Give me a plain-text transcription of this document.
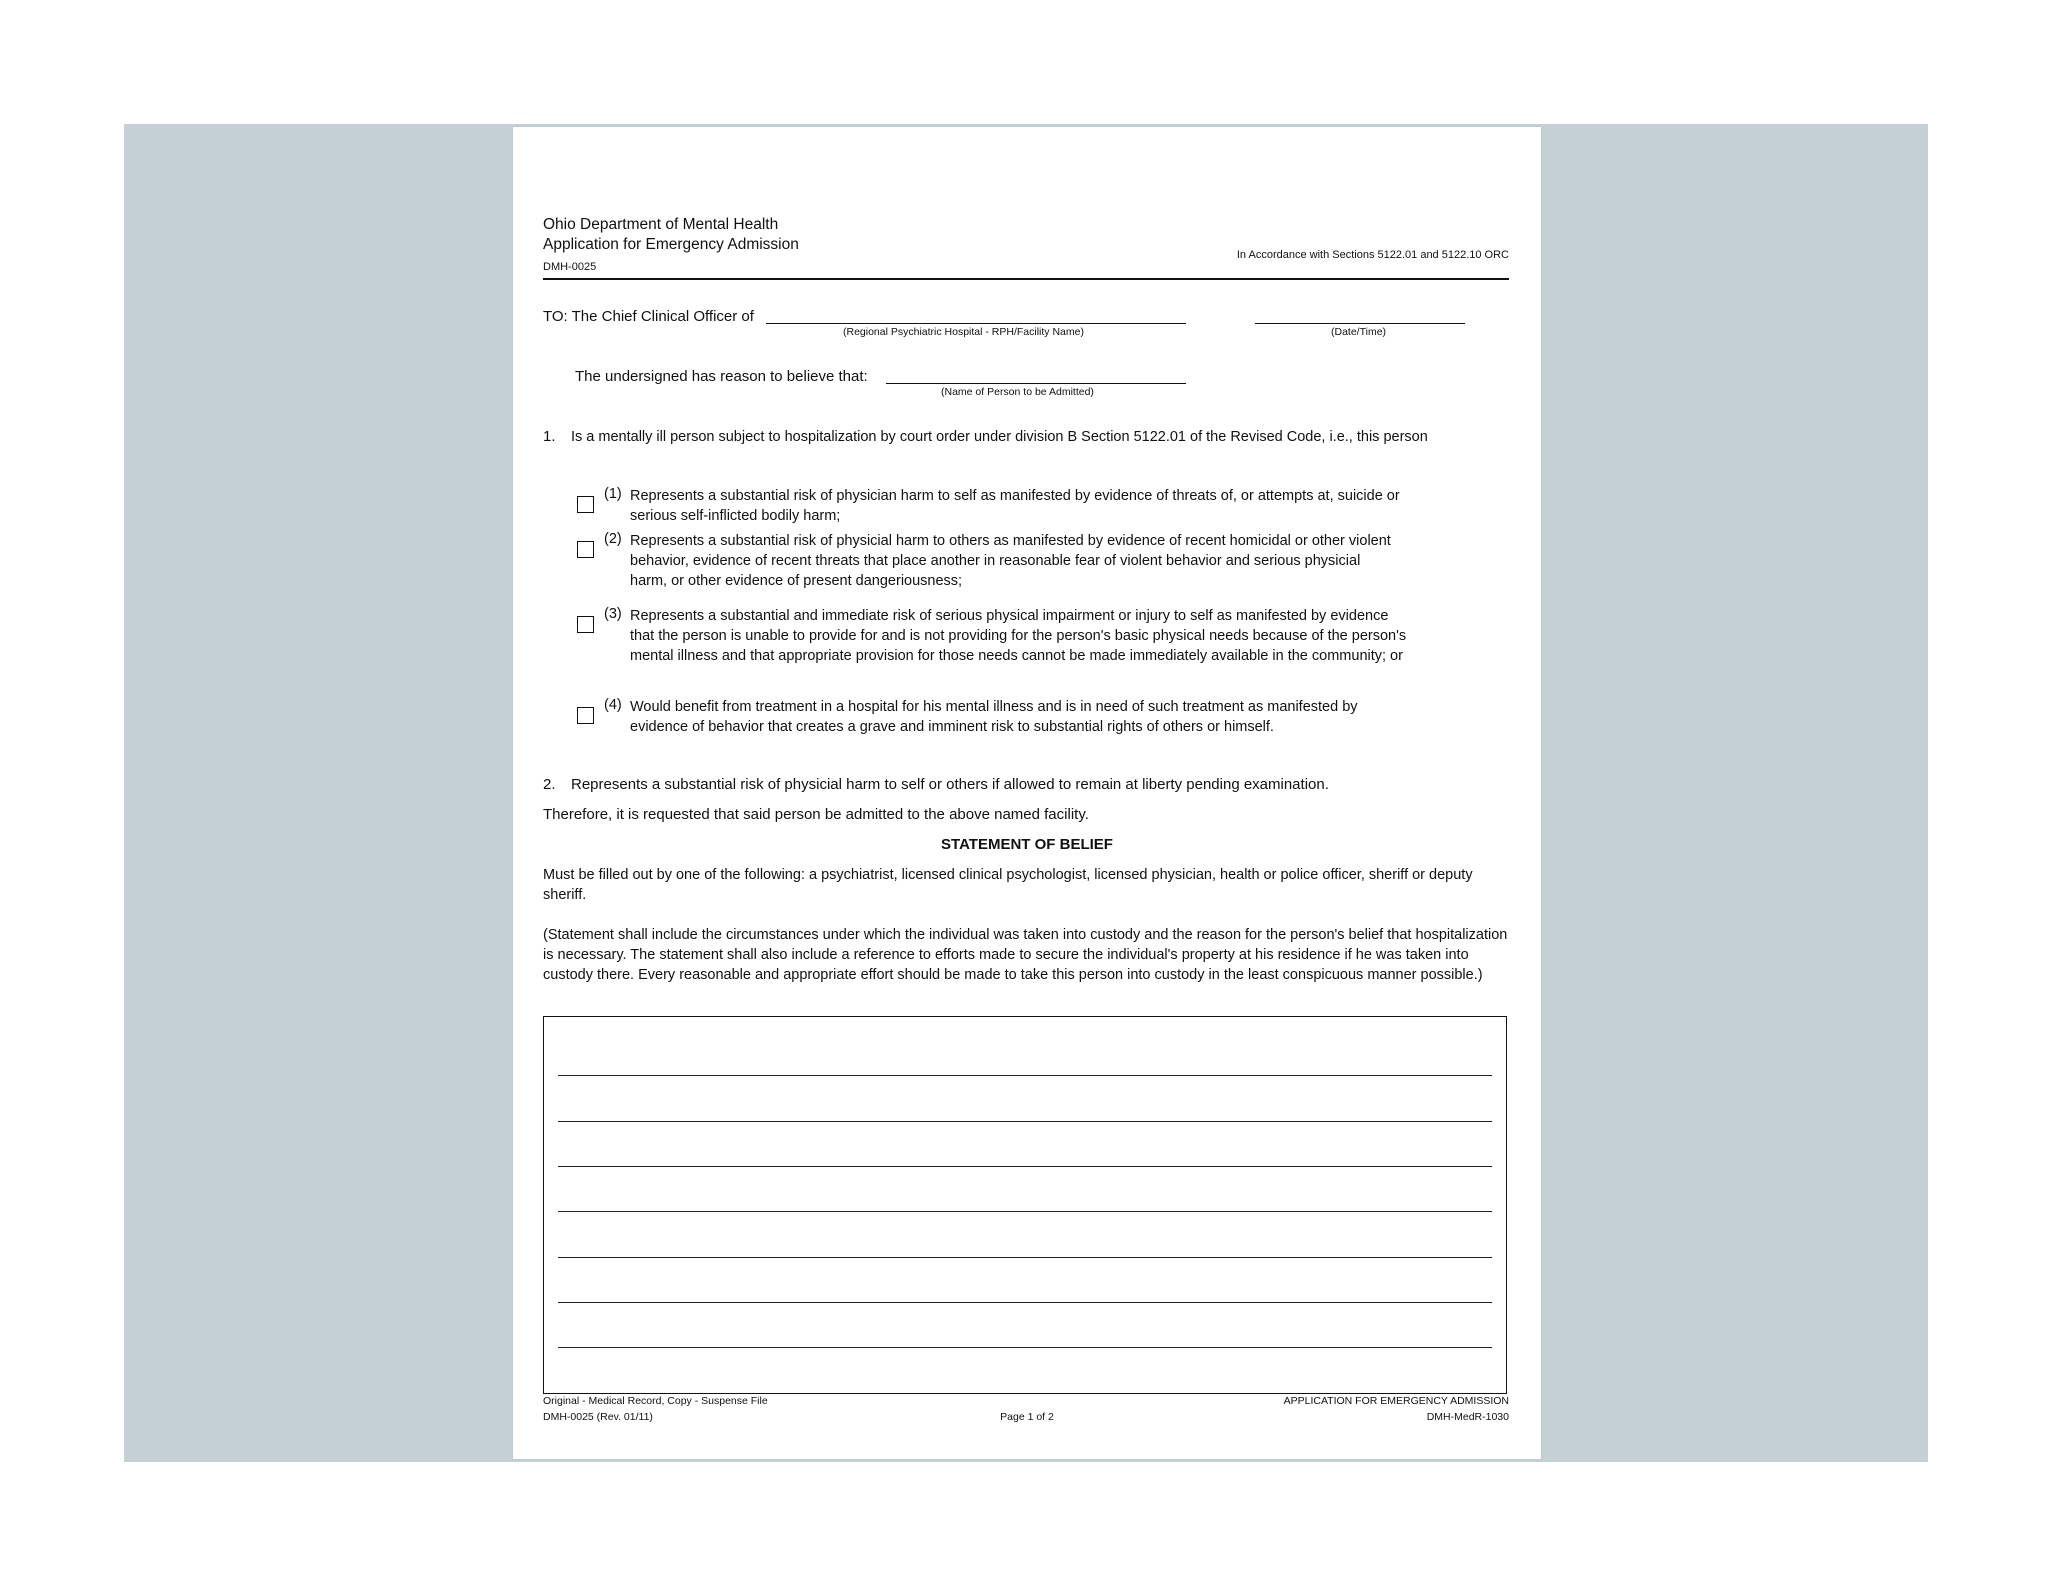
Ohio Department of Mental Health
Application for Emergency Admission
DMH-0025
In Accordance with Sections 5122.01 and 5122.10 ORC
TO: The Chief Clinical Officer of
(Regional Psychiatric Hospital - RPH/Facility Name)	(Date/Time)
The undersigned has reason to believe that:
(Name of Person to be Admitted)
1. Is a mentally ill person subject to hospitalization by court order under division B Section 5122.01 of the Revised Code, i.e., this person
(1) Represents a substantial risk of physician harm to self as manifested by evidence of threats of, or attempts at, suicide or serious self-inflicted bodily harm;
(2) Represents a substantial risk of physicial harm to others as manifested by evidence of recent homicidal or other violent behavior, evidence of recent threats that place another in reasonable fear of violent behavior and serious physicial harm, or other evidence of present dangeriousness;
(3) Represents a substantial and immediate risk of serious physical impairment or injury to self as manifested by evidence that the person is unable to provide for and is not providing for the person's basic physical needs because of the person's mental illness and that appropriate provision for those needs cannot be made immediately available in the community; or
(4) Would benefit from treatment in a hospital for his mental illness and is in need of such treatment as manifested by evidence of behavior that creates a grave and imminent risk to substantial rights of others or himself.
2. Represents a substantial risk of physicial harm to self or others if allowed to remain at liberty pending examination.
Therefore, it is requested that said person be admitted to the above named facility.
STATEMENT OF BELIEF
Must be filled out by one of the following: a psychiatrist, licensed clinical psychologist, licensed physician, health or police officer, sheriff or deputy sheriff.
(Statement shall include the circumstances under which the individual was taken into custody and the reason for the person's belief that hospitalization is necessary. The statement shall also include a reference to efforts made to secure the individual's property at his residence if he was taken into custody there. Every reasonable and appropriate effort should be made to take this person into custody in the least conspicuous manner possible.)
Original - Medical Record, Copy - Suspense File
DMH-0025 (Rev. 01/11)	Page 1 of 2
APPLICATION FOR EMERGENCY ADMISSION
DMH-MedR-1030
